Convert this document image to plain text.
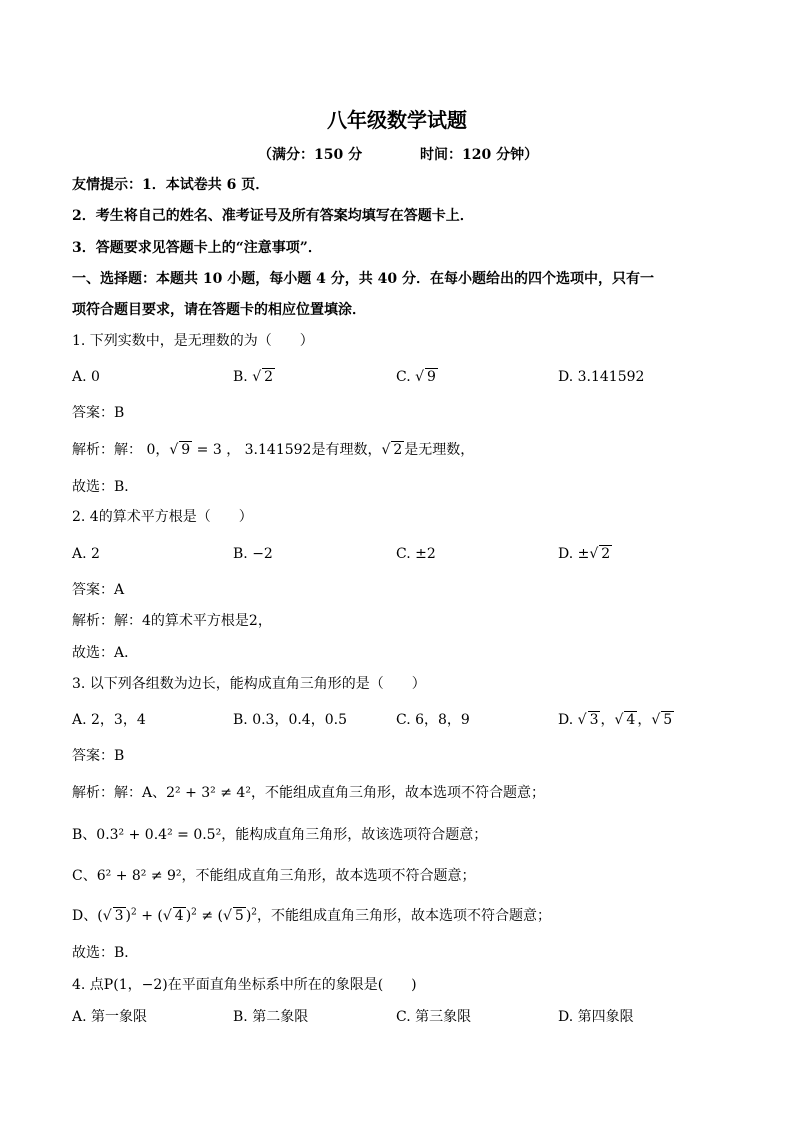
八年级数学试题
（满分：150 分	时间：120 分钟）
友情提示：1．本试卷共 6 页．
2．考生将自己的姓名、准考证号及所有答案均填写在答题卡上．
3．答题要求见答题卡上的“注意事项”．
一、选择题：本题共 10 小题，每小题 4 分，共 40 分．在每小题给出的四个选项中，只有一
项符合题目要求，请在答题卡的相应位置填涂．
1. 下列实数中，是无理数的为（　　）
A. 0	B. √ 2	C. √ 9	D. 3.141592
答案：B
解析：解： 0，√ 9 = 3 ， 3.141592是有理数，√ 2 是无理数，
故选：B．
2. 4的算术平方根是（　　）
A. 2	B. −2	C. ±2	D. ±√ 2
答案：A
解析：解：4的算术平方根是2，
故选：A．
3. 以下列各组数为边长，能构成直角三角形的是（　　）
A. 2，3，4	B. 0.3，0.4，0.5	C. 6，8，9	D. √ 3 ，√ 4 ，√ 5
答案：B
解析：解：A、2² + 3² ≠ 4²，不能组成直角三角形，故本选项不符合题意；
B、0.3² + 0.4² = 0.5²，能构成直角三角形，故该选项符合题意；
C、6² + 8² ≠ 9²，不能组成直角三角形，故本选项不符合题意；
D、(√ 3 )$^2$ + (√ 4 )$^2$ ≠ (√ 5 )$^2$，不能组成直角三角形，故本选项不符合题意；
故选：B．
4. 点P(1，−2)在平面直角坐标系中所在的象限是(　　)
A. 第一象限	B. 第二象限	C. 第三象限	D. 第四象限
